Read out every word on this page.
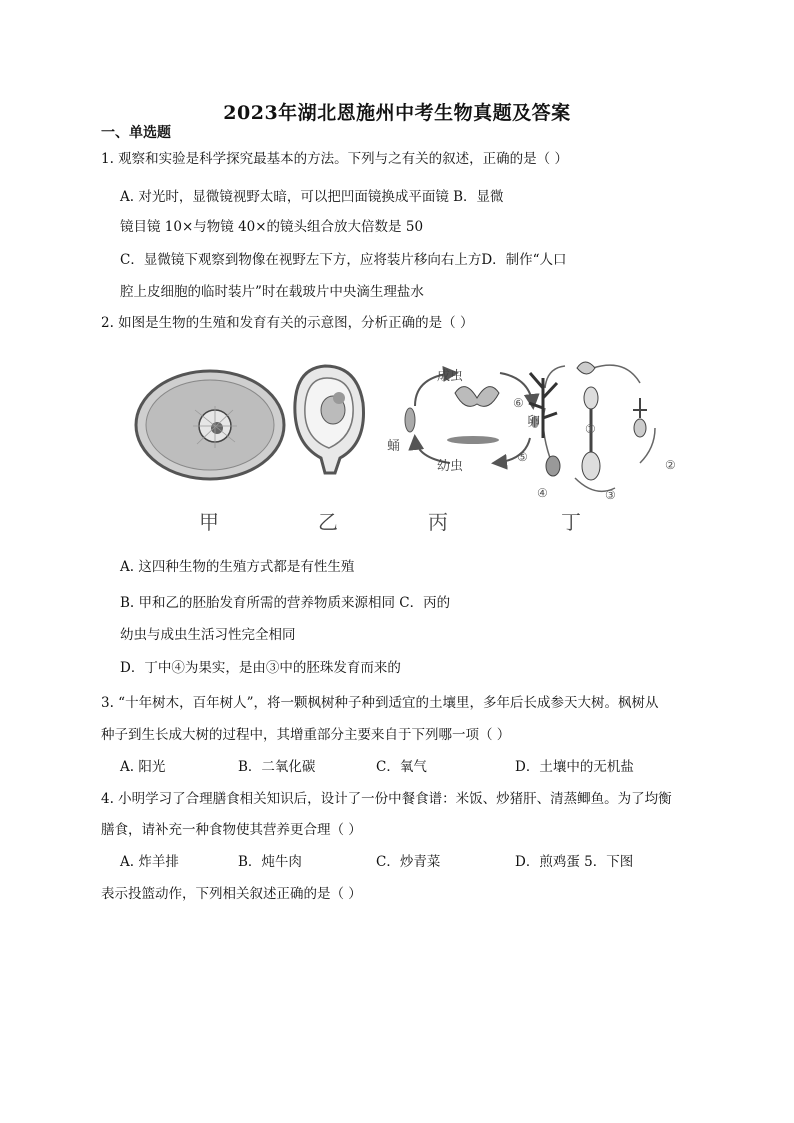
2023年湖北恩施州中考生物真题及答案
一、单选题
1. 观察和实验是科学探究最基本的方法。下列与之有关的叙述，正确的是（ ）
A. 对光时，显微镜视野太暗，可以把凹面镜换成平面镜 B．显微
镜目镜 10×与物镜 40×的镜头组合放大倍数是 50
C．显微镜下观察到物像在视野左下方，应将装片移向右上方D．制作“人口
腔上皮细胞的临时装片”时在载玻片中央滴生理盐水
2. 如图是生物的生殖和发育有关的示意图，分析正确的是（ ）
甲	乙	丙	丁
成虫
卵
幼虫
蛹
①
②
③
④
⑤
⑥
A. 这四种生物的生殖方式都是有性生殖
B. 甲和乙的胚胎发育所需的营养物质来源相同 C．丙的
幼虫与成虫生活习性完全相同
D．丁中④为果实，是由③中的胚珠发育而来的
3. “十年树木，百年树人”，将一颗枫树种子种到适宜的土壤里，多年后长成参天大树。枫树从
种子到生长成大树的过程中，其增重部分主要来自于下列哪一项（ ）
A. 阳光	B．二氧化碳	C．氧气	D．土壤中的无机盐
4. 小明学习了合理膳食相关知识后，设计了一份中餐食谱：米饭、炒猪肝、清蒸鲫鱼。为了均衡
膳食，请补充一种食物使其营养更合理（ ）
A. 炸羊排	B．炖牛肉	C．炒青菜	D．煎鸡蛋 5．下图
表示投篮动作，下列相关叙述正确的是（ ）
